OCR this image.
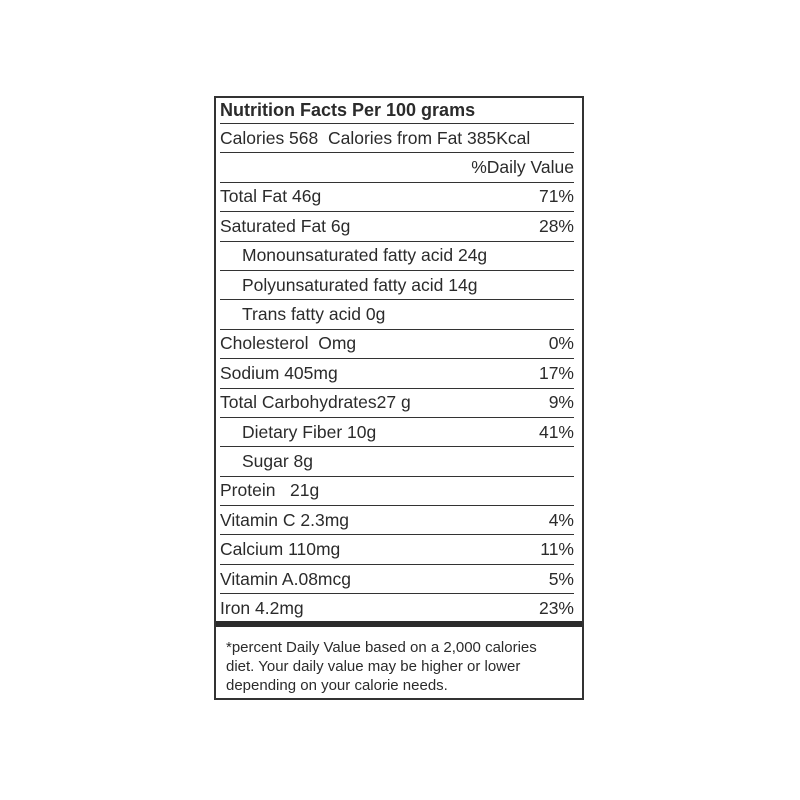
Nutrition Facts Per 100 grams
Calories 568  Calories from Fat 385Kcal
%Daily Value
Total Fat 46g	71%
Saturated Fat 6g	28%
Monounsaturated fatty acid 24g
Polyunsaturated fatty acid 14g
Trans fatty acid 0g
Cholesterol  Omg	0%
Sodium 405mg	17%
Total Carbohydrates27 g	9%
Dietary Fiber 10g	41%
Sugar 8g
Protein   21g
Vitamin C 2.3mg	4%
Calcium 110mg	11%
Vitamin A.08mcg	5%
Iron 4.2mg	23%
*percent Daily Value based on a 2,000 calories
diet. Your daily value may be higher or lower
depending on your calorie needs.
